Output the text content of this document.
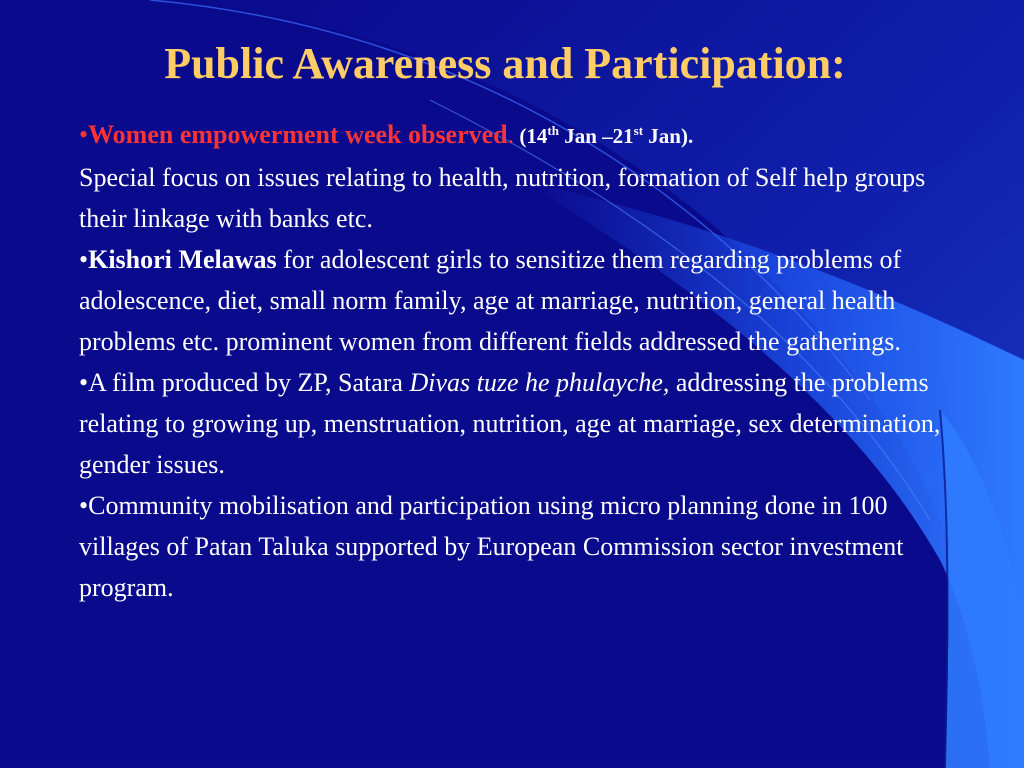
Public Awareness and Participation:

•Women empowerment week observed. (14th Jan –21st Jan).
Special focus on issues relating to health, nutrition, formation of Self help groups their linkage with banks etc.

•Kishori Melawas for adolescent girls to sensitize them regarding problems of adolescence, diet, small norm family, age at marriage, nutrition, general health problems etc. prominent women from different fields addressed the gatherings.

•A film produced by ZP, Satara Divas tuze he phulayche, addressing the problems relating to growing up, menstruation, nutrition, age at marriage, sex determination, gender issues.

•Community mobilisation and participation using micro planning done in 100 villages of Patan Taluka supported by European Commission sector investment program.
